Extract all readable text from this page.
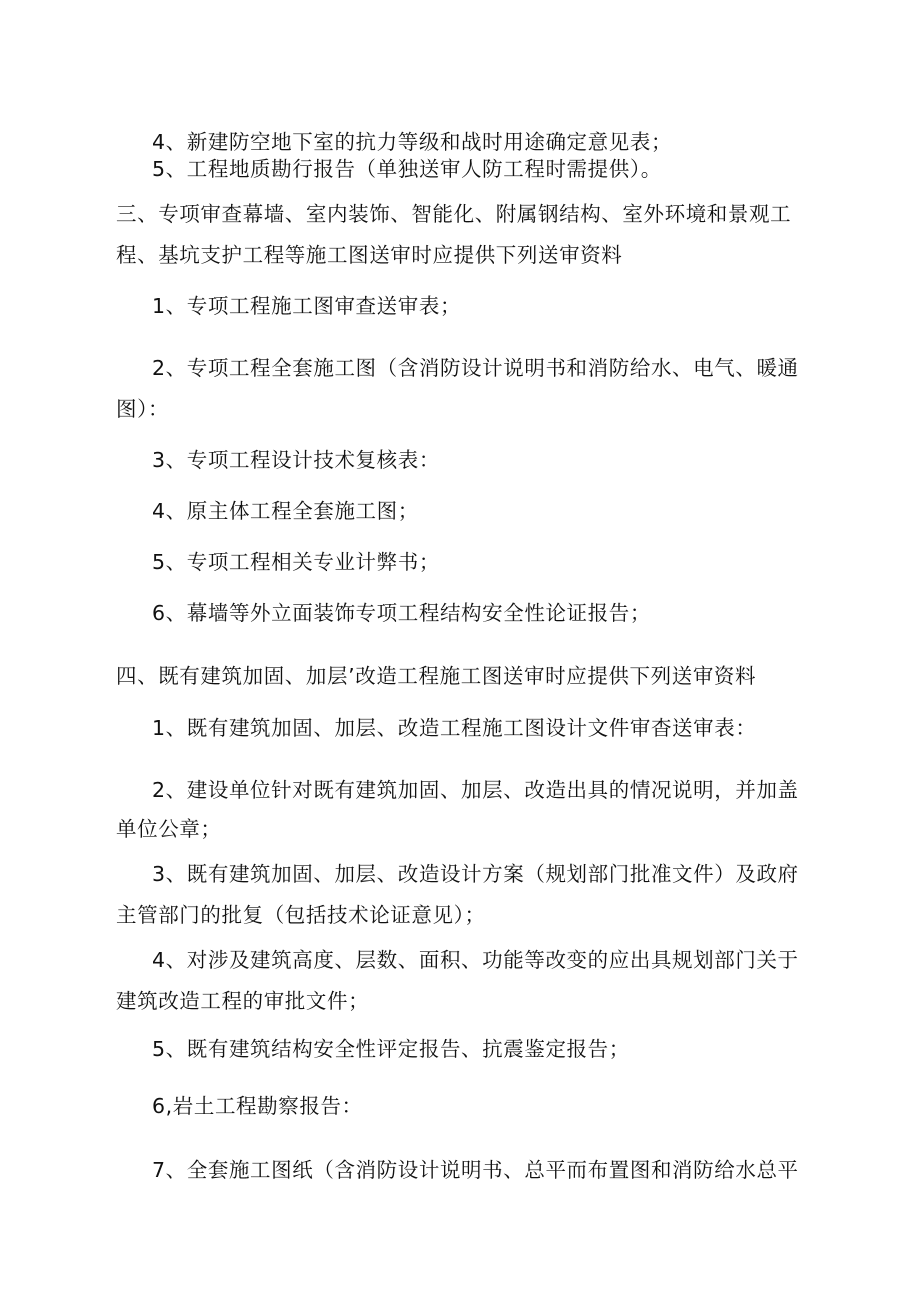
4、新建防空地下室的抗力等级和战时用途确定意见表；
5、工程地质勘行报告（单独送审人防工程时需提供）。
三、专项审查幕墙、室内装饰、智能化、附属钢结构、室外环境和景观工
程、基坑支护工程等施工图送审时应提供下列送审资料
1、专项工程施工图审查送审表；
2、专项工程全套施工图（含消防设计说明书和消防给水、电气、暖通
图）：
3、专项工程设计技术复核表：
4、原主体工程全套施工图；
5、专项工程相关专业计弊书；
6、幕墙等外立面装饰专项工程结构安全性论证报告；
四、既有建筑加固、加层’改造工程施工图送审时应提供下列送审资料
1、既有建筑加固、加层、改造工程施工图设计文件审杳送审表：
2、建设单位针对既有建筑加固、加层、改造出具的情况说明，并加盖
单位公章；
3、既有建筑加固、加层、改造设计方案（规划部门批准文件）及政府
主管部门的批复（包括技术论证意见）；
4、对涉及建筑高度、层数、面积、功能等改变的应出具规划部门关于
建筑改造工程的审批文件；
5、既有建筑结构安全性评定报告、抗震鉴定报告；
6,岩土工程勘察报告：
7、全套施工图纸（含消防设计说明书、总平而布置图和消防给水总平
